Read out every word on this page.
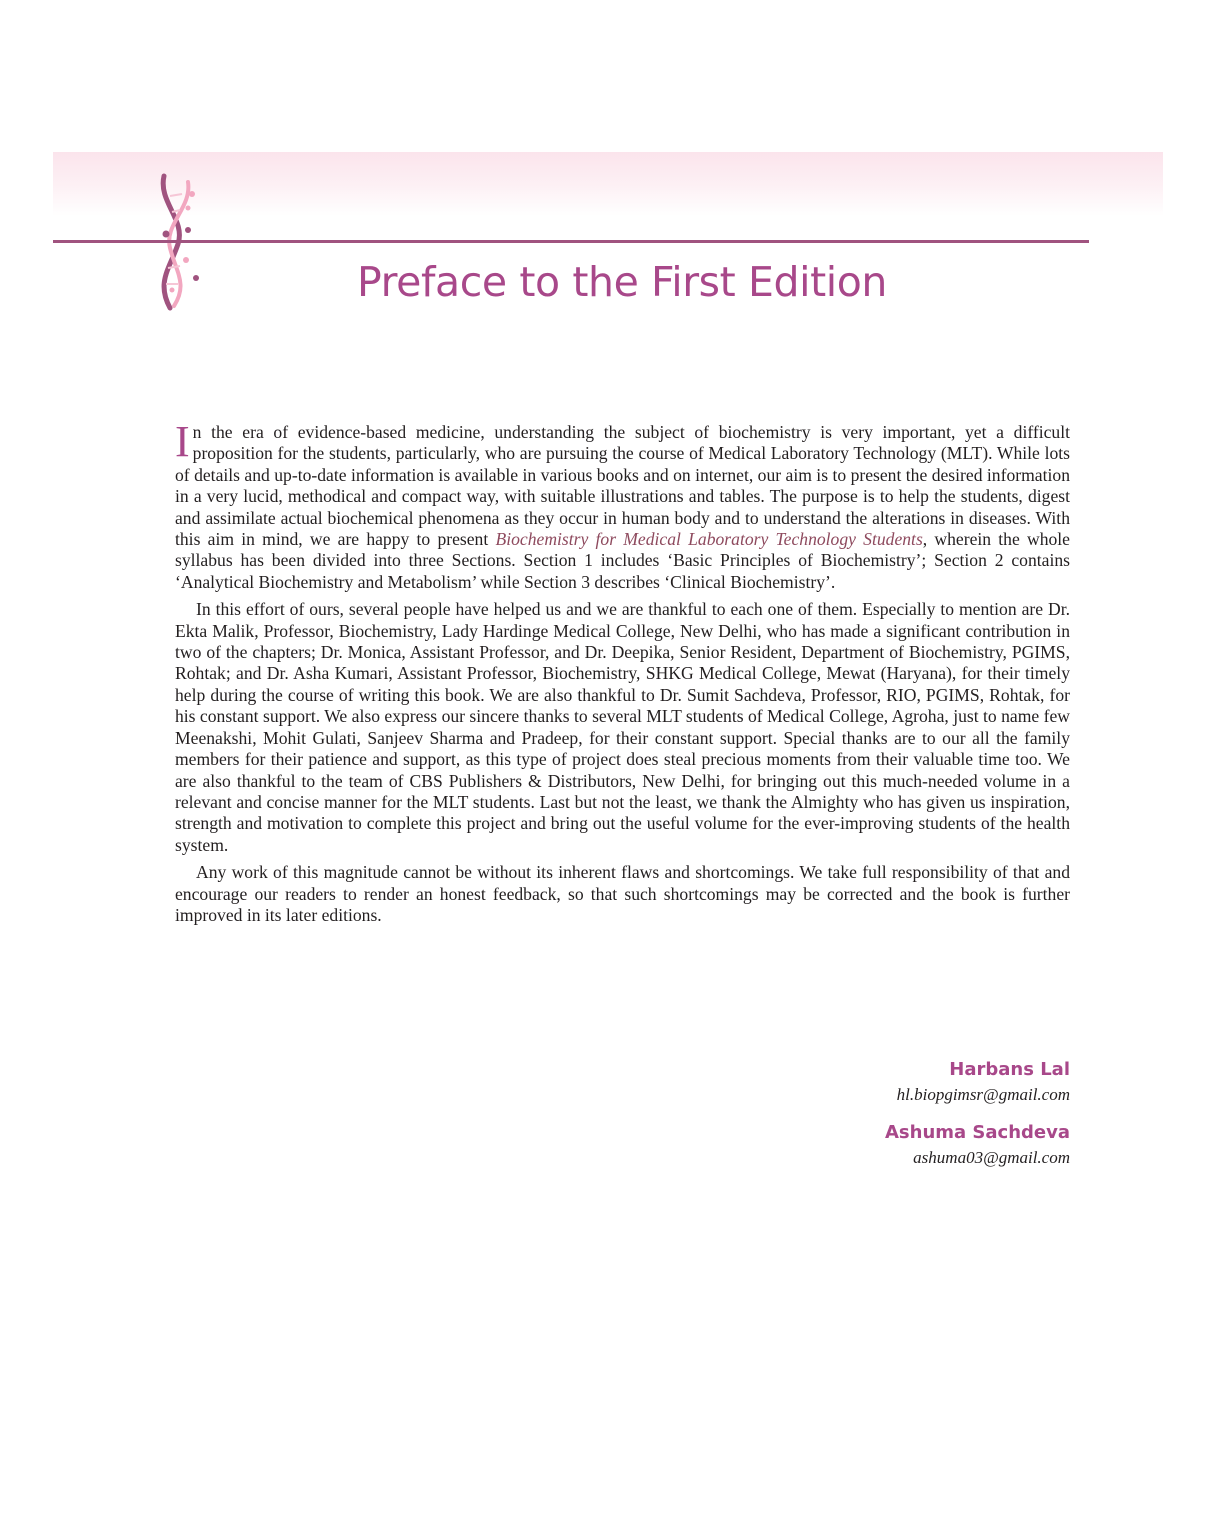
Preface to the First Edition

In the era of evidence-based medicine, understanding the subject of biochemistry is very important, yet a difficult proposition for the students, particularly, who are pursuing the course of Medical Laboratory Technology (MLT). While lots of details and up-to-date information is available in various books and on internet, our aim is to present the desired information in a very lucid, methodical and compact way, with suitable illustrations and tables. The purpose is to help the students, digest and assimilate actual biochemical phenomena as they occur in human body and to understand the alterations in diseases. With this aim in mind, we are happy to present Biochemistry for Medical Laboratory Technology Students, wherein the whole syllabus has been divided into three Sections. Section 1 includes ‘Basic Principles of Biochemistry’; Section 2 contains ‘Analytical Biochemistry and Metabolism’ while Section 3 describes ‘Clinical Biochemistry’.

In this effort of ours, several people have helped us and we are thankful to each one of them. Especially to mention are Dr. Ekta Malik, Professor, Biochemistry, Lady Hardinge Medical College, New Delhi, who has made a significant contribution in two of the chapters; Dr. Monica, Assistant Professor, and Dr. Deepika, Senior Resident, Department of Biochemistry, PGIMS, Rohtak; and Dr. Asha Kumari, Assistant Professor, Biochemistry, SHKG Medical College, Mewat (Haryana), for their timely help during the course of writing this book. We are also thankful to Dr. Sumit Sachdeva, Professor, RIO, PGIMS, Rohtak, for his constant support. We also express our sincere thanks to several MLT students of Medical College, Agroha, just to name few Meenakshi, Mohit Gulati, Sanjeev Sharma and Pradeep, for their constant support. Special thanks are to our all the family members for their patience and support, as this type of project does steal precious moments from their valuable time too. We are also thankful to the team of CBS Publishers & Distributors, New Delhi, for bringing out this much-needed volume in a relevant and concise manner for the MLT students. Last but not the least, we thank the Almighty who has given us inspiration, strength and motivation to complete this project and bring out the useful volume for the ever-improving students of the health system.

Any work of this magnitude cannot be without its inherent flaws and shortcomings. We take full responsibility of that and encourage our readers to render an honest feedback, so that such shortcomings may be corrected and the book is further improved in its later editions.

Harbans Lal
hl.biopgimsr@gmail.com
Ashuma Sachdeva
ashuma03@gmail.com
